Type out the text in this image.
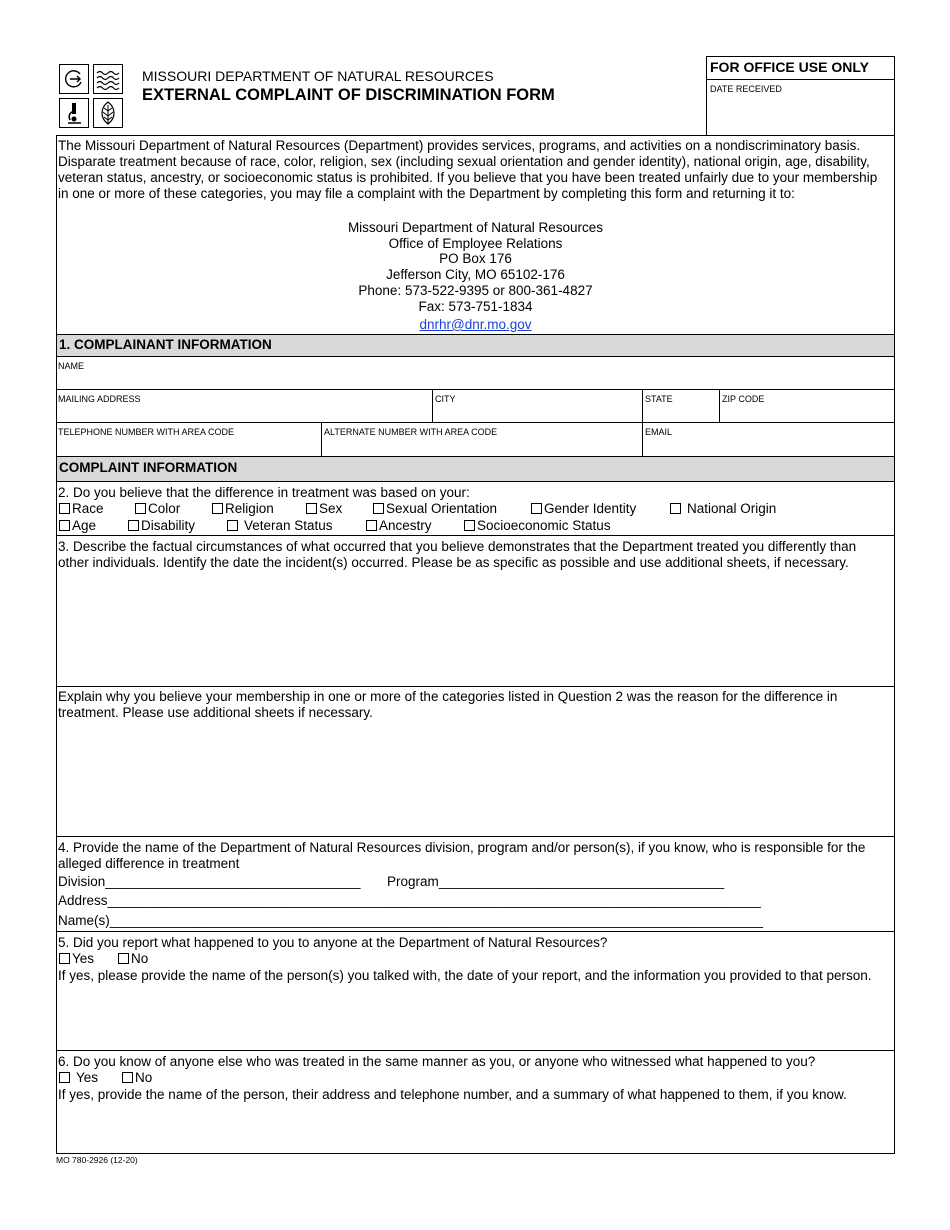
MISSOURI DEPARTMENT OF NATURAL RESOURCES
EXTERNAL COMPLAINT OF DISCRIMINATION FORM
FOR OFFICE USE ONLY
DATE RECEIVED
The Missouri Department of Natural Resources (Department) provides services, programs, and activities on a nondiscriminatory basis. Disparate treatment because of race, color, religion, sex (including sexual orientation and gender identity), national origin, age, disability, veteran status, ancestry, or socioeconomic status is prohibited. If you believe that you have been treated unfairly due to your membership in one or more of these categories, you may file a complaint with the Department by completing this form and returning it to:
Missouri Department of Natural Resources
Office of Employee Relations
PO Box 176
Jefferson City, MO 65102-176
Phone: 573-522-9395 or 800-361-4827
Fax: 573-751-1834
dnrhr@dnr.mo.gov
1. COMPLAINANT INFORMATION
NAME
MAILING ADDRESS	CITY	STATE	ZIP CODE
TELEPHONE NUMBER WITH AREA CODE	ALTERNATE NUMBER WITH AREA CODE	EMAIL
COMPLAINT INFORMATION
2. Do you believe that the difference in treatment was based on your:
Race	Color	Religion	Sex	Sexual Orientation	Gender Identity	National Origin
Age	Disability	Veteran Status	Ancestry	Socioeconomic Status
3. Describe the factual circumstances of what occurred that you believe demonstrates that the Department treated you differently than other individuals. Identify the date the incident(s) occurred. Please be as specific as possible and use additional sheets, if necessary.
Explain why you believe your membership in one or more of the categories listed in Question 2 was the reason for the difference in treatment. Please use additional sheets if necessary.
4. Provide the name of the Department of Natural Resources division, program and/or person(s), if you know, who is responsible for the alleged difference in treatment
Division__________________________________ Program______________________________________
Address_______________________________________________________________________________________
Name(s)_______________________________________________________________________________________
5. Did you report what happened to you to anyone at the Department of Natural Resources?
Yes	No
If yes, please provide the name of the person(s) you talked with, the date of your report, and the information you provided to that person.
6. Do you know of anyone else who was treated in the same manner as you, or anyone who witnessed what happened to you?
Yes	No
If yes, provide the name of the person, their address and telephone number, and a summary of what happened to them, if you know.
MO 780-2926 (12-20)
